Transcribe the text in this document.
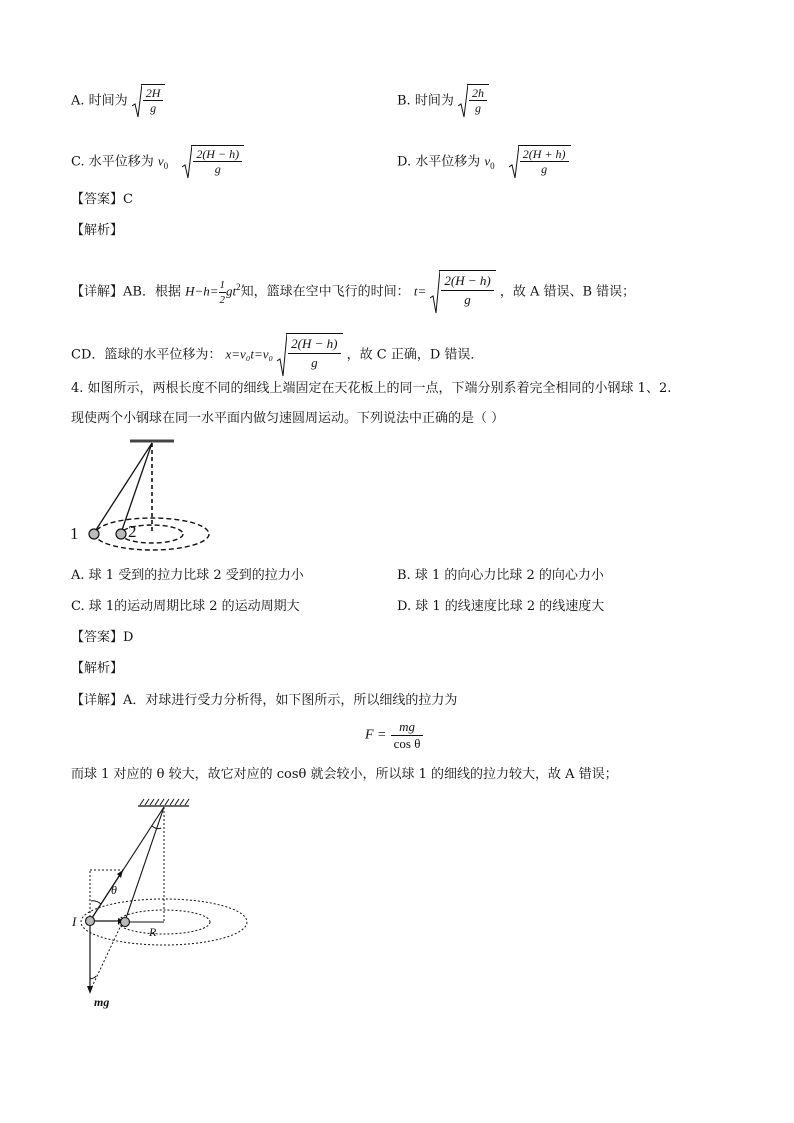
A. 时间为 $\frac{2H}{g}$	B. 时间为 $\frac{2h}{g}$
C. 水平位移为 $v_0 \frac{2(H - h)}{g}$	D. 水平位移为 $v_0 \frac{2(H + h)}{g}$
【答案】C
【解析】
【详解】AB．根据 $H-h= \frac{1}{2} gt^2$知，篮球在空中飞行的时间： $t= \frac{2(H - h)}{g}$ ，故 A 错误、B 错误；
CD．篮球的水平位移为： $x=v_0t=v_0 \frac{2(H - h)}{g}$ ，故 C 正确，D 错误．
4. 如图所示，两根长度不同的细线上端固定在天花板上的同一点，下端分别系着完全相同的小钢球 1、2.
现使两个小钢球在同一水平面内做匀速圆周运动。下列说法中正确的是（ ）
1	2
A. 球 1 受到的拉力比球 2 受到的拉力小	B. 球 1 的向心力比球 2 的向心力小
C. 球 1的运动周期比球 2 的运动周期大	D. 球 1 的线速度比球 2 的线速度大
【答案】D
【解析】
【详解】A．对球进行受力分析得，如下图所示，所以细线的拉力为
$F = \frac{mg}{\text{cos θ}}$
而球 1 对应的 θ 较大，故它对应的 cosθ 就会较小，所以球 1 的细线的拉力较大，故 A 错误；
θ
R
mg
I
